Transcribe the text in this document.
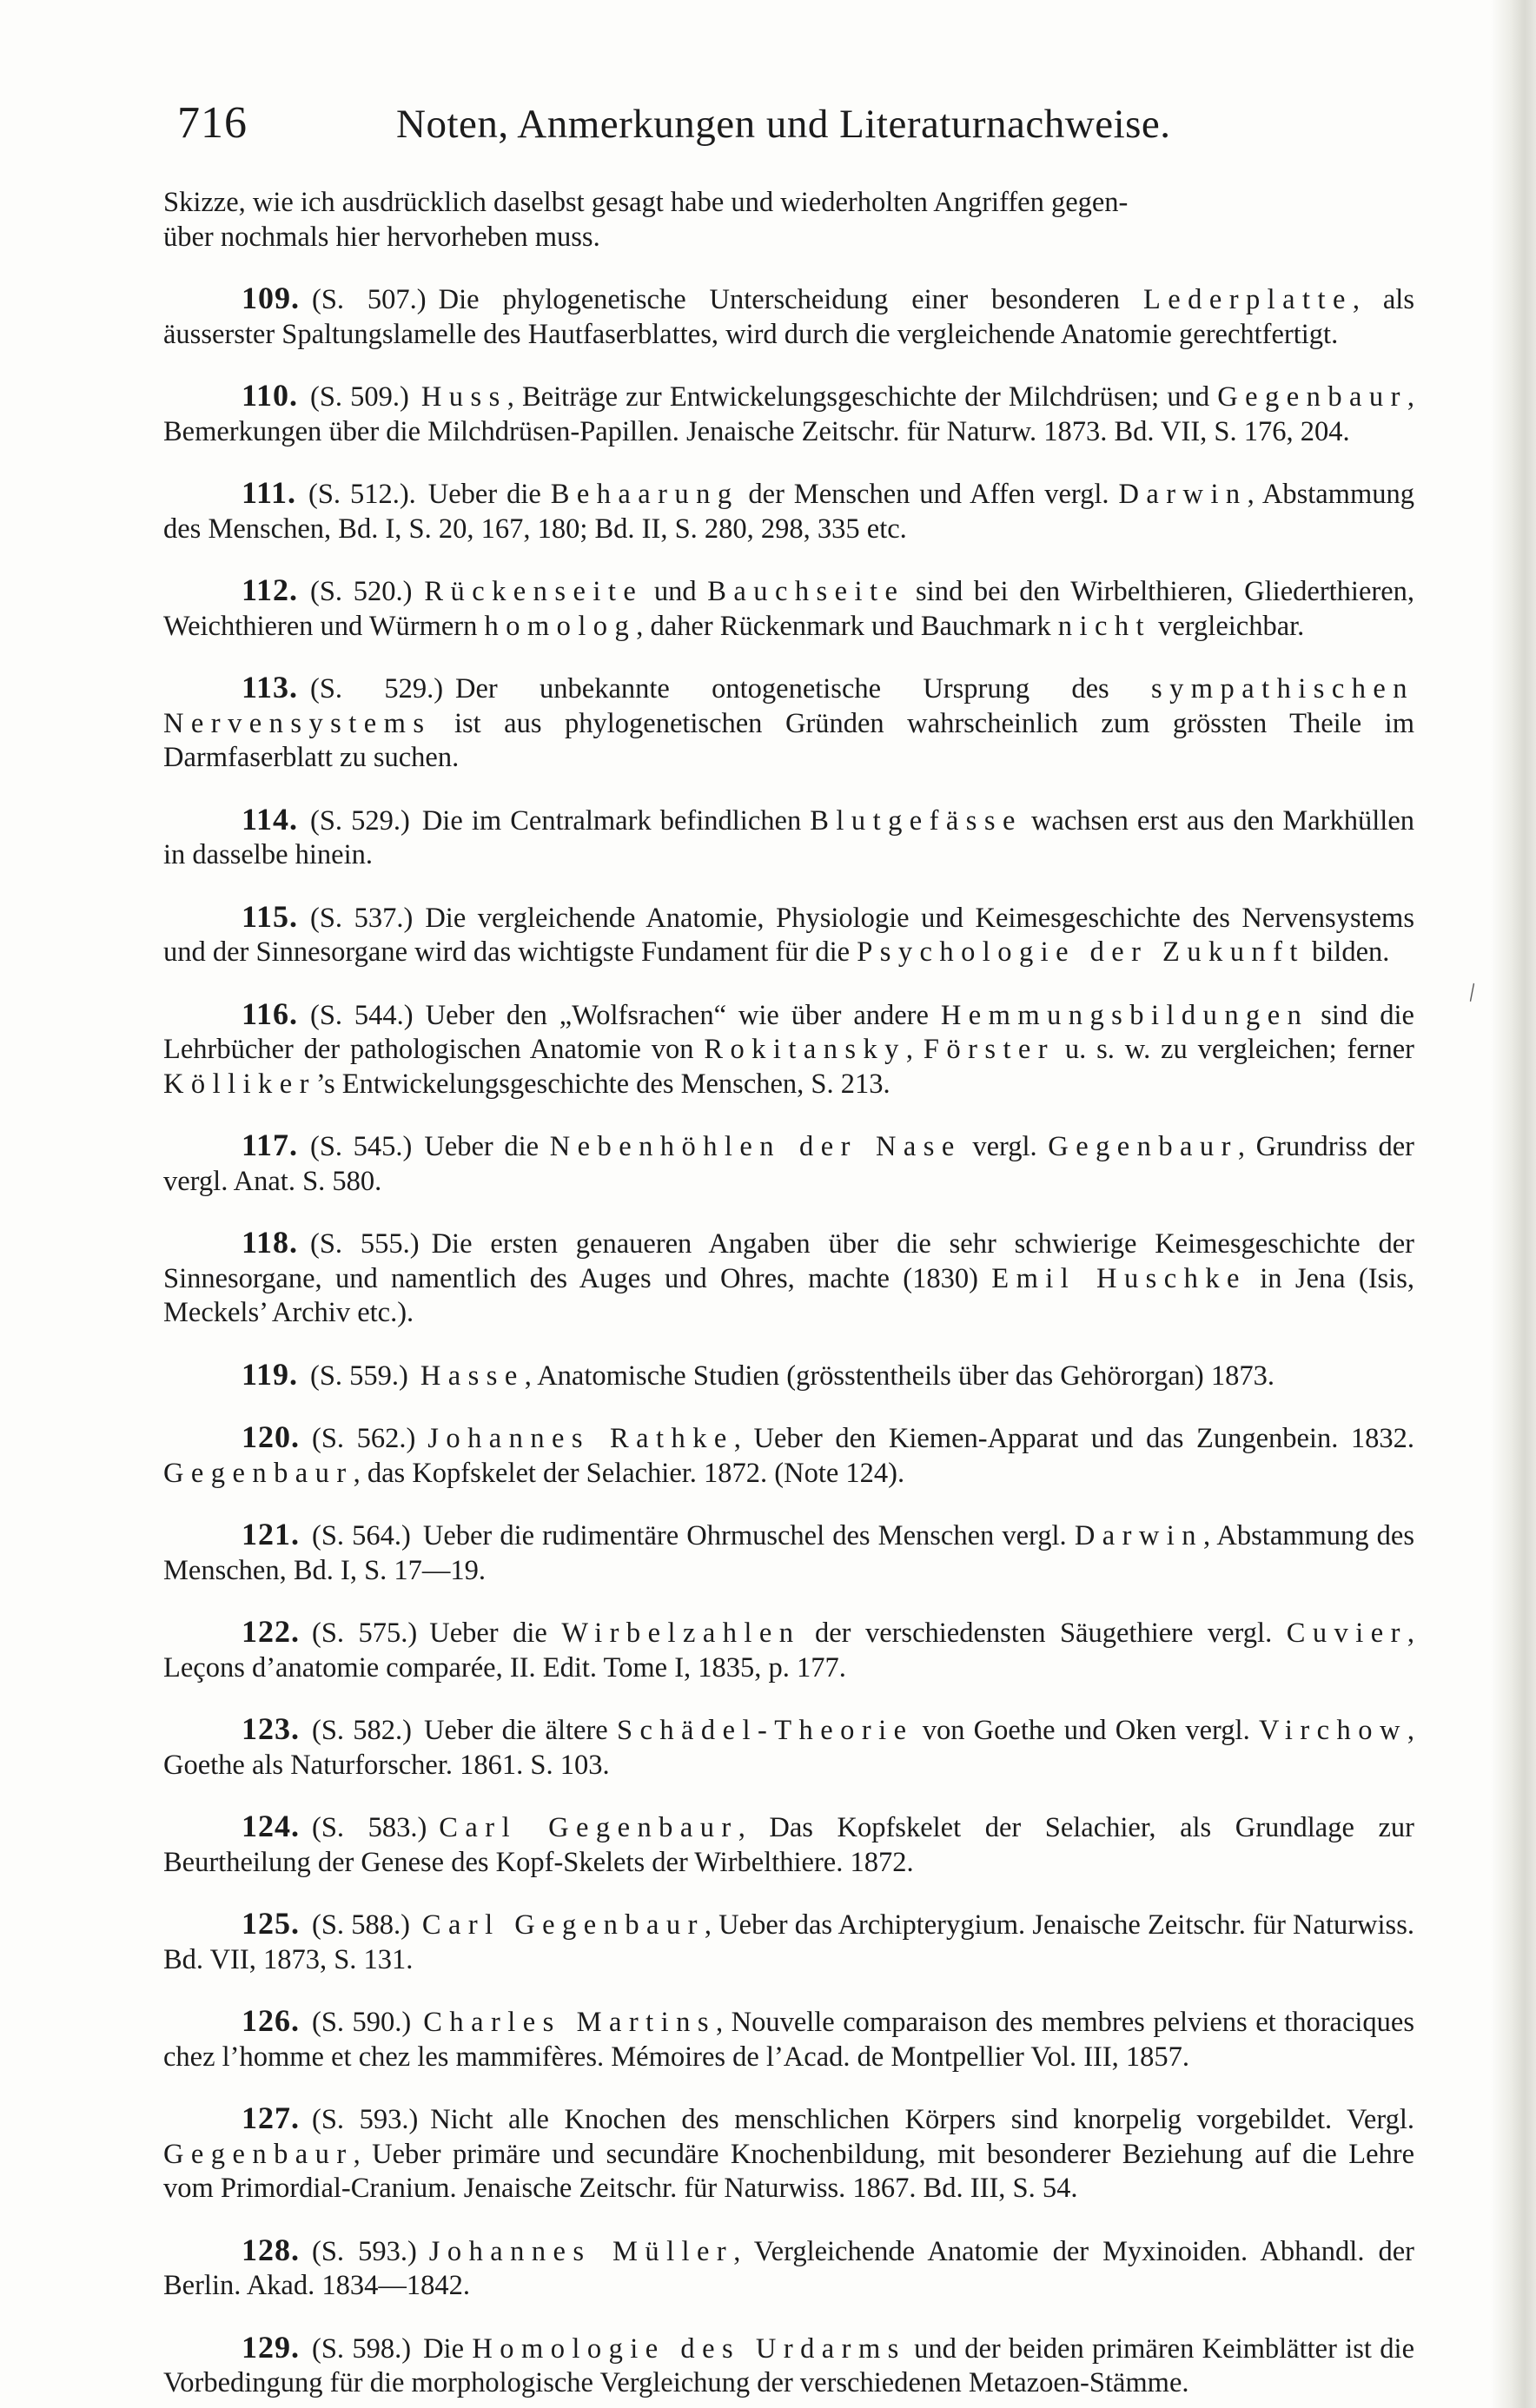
716	Noten, Anmerkungen und Literaturnachweise.
\

Skizze, wie ich ausdrücklich daselbst gesagt habe und wiederholten Angriffen gegen-
über nochmals hier hervorheben muss.

109. (S. 507.) Die phylogenetische Unterscheidung einer besonderen Lederplatte, als äusserster Spaltungslamelle des Hautfaserblattes, wird durch die vergleichende Anatomie gerechtfertigt.

110. (S. 509.) Huss, Beiträge zur Entwickelungsgeschichte der Milchdrüsen; und Gegenbaur, Bemerkungen über die Milchdrüsen-Papillen. Jenaische Zeitschr. für Naturw. 1873. Bd. VII, S. 176, 204.

111. (S. 512.). Ueber die Behaarung der Menschen und Affen vergl. Darwin, Abstammung des Menschen, Bd. I, S. 20, 167, 180; Bd. II, S. 280, 298, 335 etc.

112. (S. 520.) Rückenseite und Bauchseite sind bei den Wirbelthieren, Gliederthieren, Weichthieren und Würmern homolog, daher Rückenmark und Bauchmark nicht vergleichbar.

113. (S. 529.) Der unbekannte ontogenetische Ursprung des sympathischen Nervensystems ist aus phylogenetischen Gründen wahrscheinlich zum grössten Theile im Darmfaserblatt zu suchen.

114. (S. 529.) Die im Centralmark befindlichen Blutgefässe wachsen erst aus den Markhüllen in dasselbe hinein.

115. (S. 537.) Die vergleichende Anatomie, Physiologie und Keimesgeschichte des Nervensystems und der Sinnesorgane wird das wichtigste Fundament für die Psychologie der Zukunft bilden.

116. (S. 544.) Ueber den „Wolfsrachen“ wie über andere Hemmungsbildungen sind die Lehrbücher der pathologischen Anatomie von Rokitansky, Förster u. s. w. zu vergleichen; ferner Kölliker’s Entwickelungsgeschichte des Menschen, S. 213.

117. (S. 545.) Ueber die Nebenhöhlen der Nase vergl. Gegenbaur, Grundriss der vergl. Anat. S. 580.

118. (S. 555.) Die ersten genaueren Angaben über die sehr schwierige Keimesgeschichte der Sinnesorgane, und namentlich des Auges und Ohres, machte (1830) Emil Huschke in Jena (Isis, Meckels’ Archiv etc.).

119. (S. 559.) Hasse, Anatomische Studien (grösstentheils über das Gehörorgan) 1873.

120. (S. 562.) Johannes Rathke, Ueber den Kiemen-Apparat und das Zungenbein. 1832. Gegenbaur, das Kopfskelet der Selachier. 1872. (Note 124).

121. (S. 564.) Ueber die rudimentäre Ohrmuschel des Menschen vergl. Darwin, Abstammung des Menschen, Bd. I, S. 17—19.

122. (S. 575.) Ueber die Wirbelzahlen der verschiedensten Säugethiere vergl. Cuvier, Leçons d’anatomie comparée, II. Edit. Tome I, 1835, p. 177.

123. (S. 582.) Ueber die ältere Schädel-Theorie von Goethe und Oken vergl. Virchow, Goethe als Naturforscher. 1861. S. 103.

124. (S. 583.) Carl Gegenbaur, Das Kopfskelet der Selachier, als Grundlage zur Beurtheilung der Genese des Kopf-Skelets der Wirbelthiere. 1872.

125. (S. 588.) Carl Gegenbaur, Ueber das Archipterygium. Jenaische Zeitschr. für Naturwiss. Bd. VII, 1873, S. 131.

126. (S. 590.) Charles Martins, Nouvelle comparaison des membres pelviens et thoraciques chez l’homme et chez les mammifères. Mémoires de l’Acad. de Montpellier Vol. III, 1857.

127. (S. 593.) Nicht alle Knochen des menschlichen Körpers sind knorpelig vorgebildet. Vergl. Gegenbaur, Ueber primäre und secundäre Knochenbildung, mit besonderer Beziehung auf die Lehre vom Primordial-Cranium. Jenaische Zeitschr. für Naturwiss. 1867. Bd. III, S. 54.

128. (S. 593.) Johannes Müller, Vergleichende Anatomie der Myxinoiden. Abhandl. der Berlin. Akad. 1834—1842.

129. (S. 598.) Die Homologie des Urdarms und der beiden primären Keimblätter ist die Vorbedingung für die morphologische Vergleichung der verschiedenen Metazoen-Stämme.
